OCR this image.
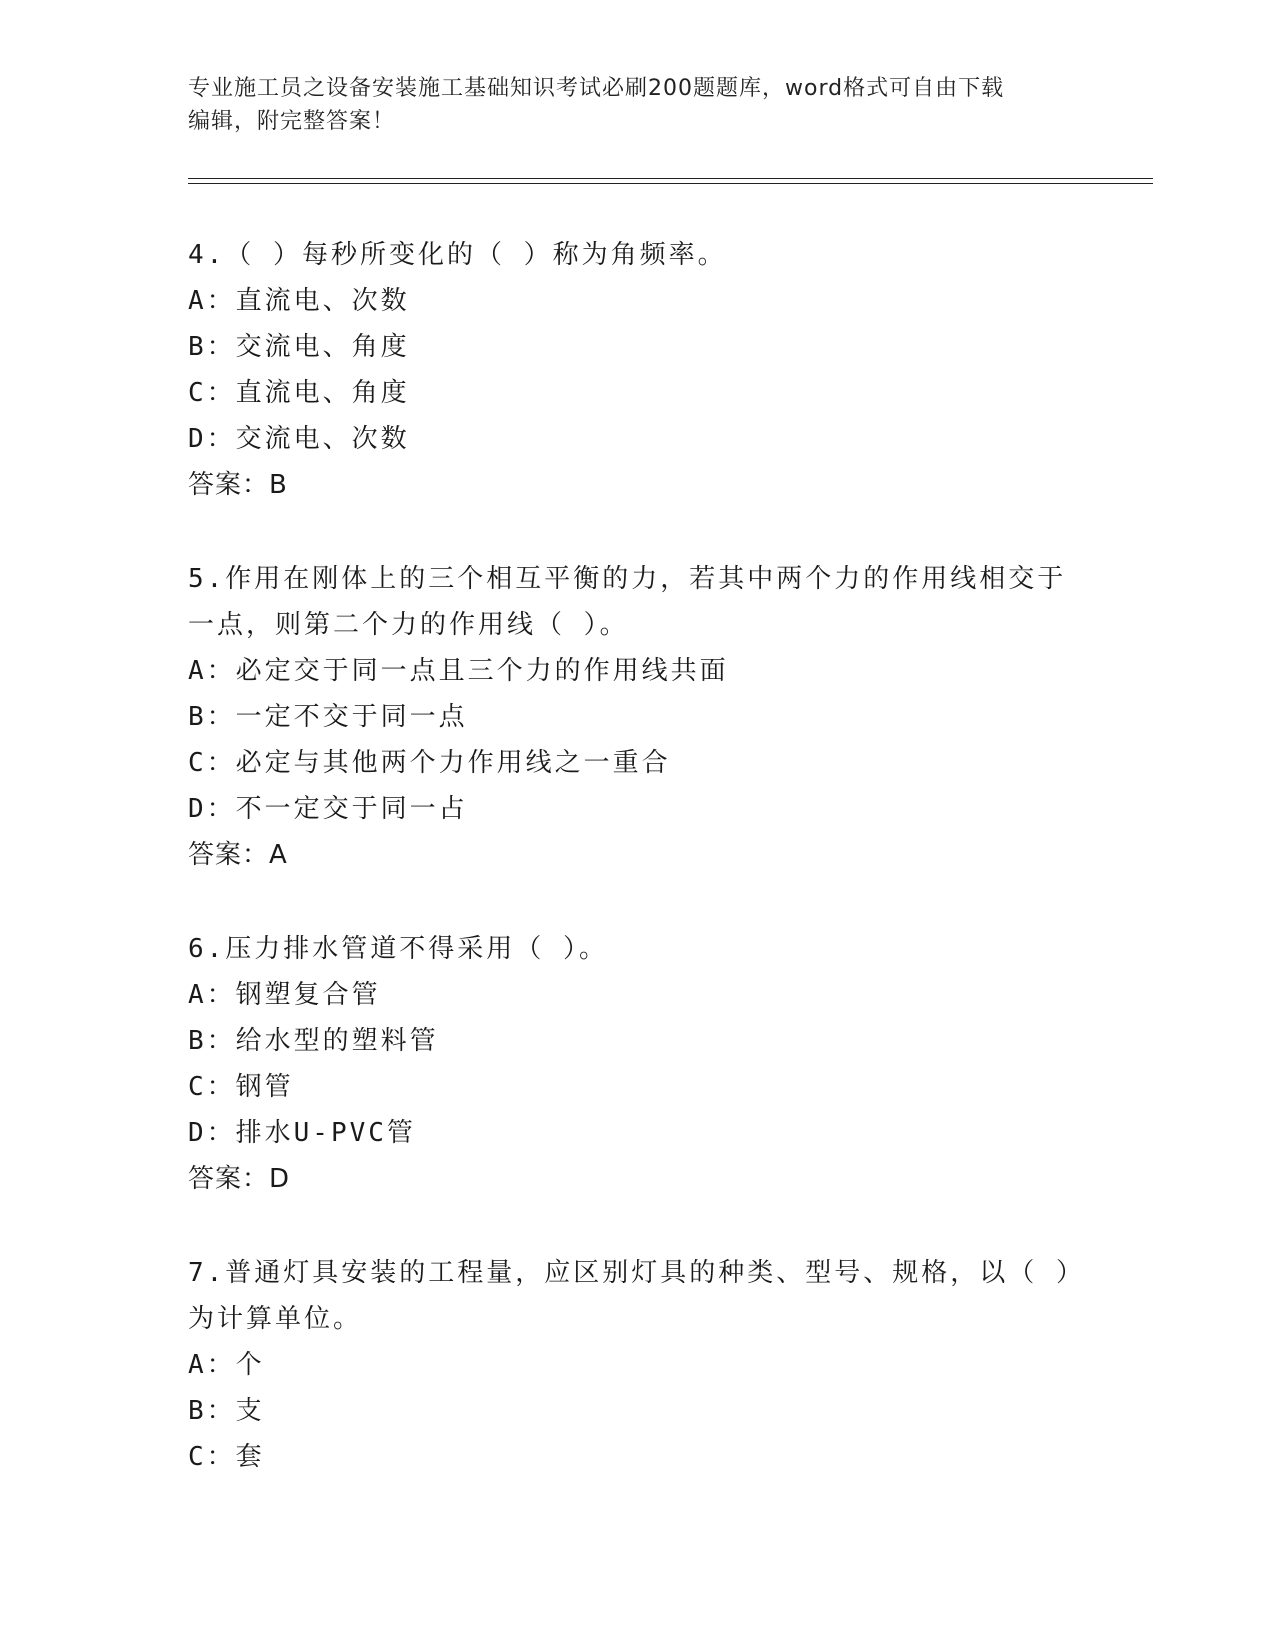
专业施工员之设备安装施工基础知识考试必刷200题题库，word格式可自由下载
编辑，附完整答案！
4.（ ）每秒所变化的（ ）称为角频率。
A：直流电、次数
B：交流电、角度
C：直流电、角度
D：交流电、次数
答案：B
5.作用在刚体上的三个相互平衡的力，若其中两个力的作用线相交于
一点，则第二个力的作用线（ ）。
A：必定交于同一点且三个力的作用线共面
B：一定不交于同一点
C：必定与其他两个力作用线之一重合
D：不一定交于同一占
答案：A
6.压力排水管道不得采用（ ）。
A：钢塑复合管
B：给水型的塑料管
C：钢管
D：排水U-PVC管
答案：D
7.普通灯具安装的工程量，应区别灯具的种类、型号、规格，以（ ）
为计算单位。
A：个
B：支
C：套
